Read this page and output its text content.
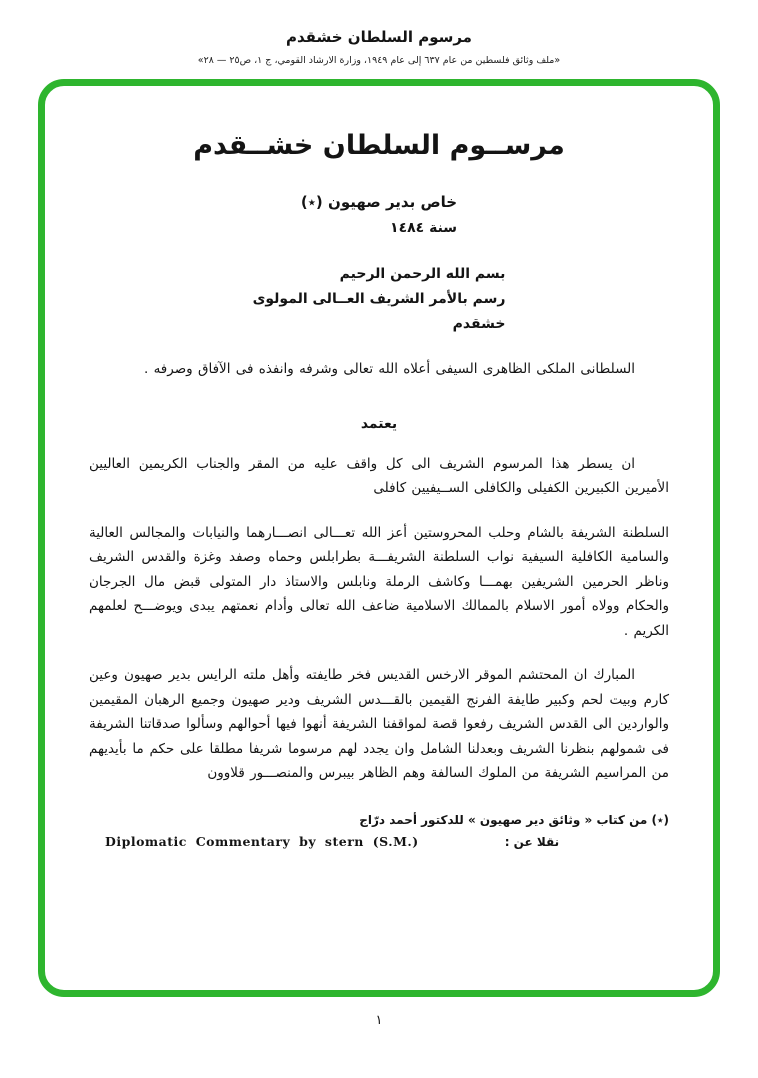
مرسوم السلطان خشقدم
«ملف وثائق فلسطين من عام ٦٣٧ إلى عام ١٩٤٩، وزارة الارشاد القومي، ج ١، ص٢٥ — ٢٨»
مرســوم السلطان خشــقدم
خاص بدير صهيون (٭)
سنة ١٤٨٤
بسم الله الرحمن الرحيم
رسم بالأمر الشريف العــالى المولوى
خشقدم

السلطانى الملكى الظاهرى السيفى أعلاه الله تعالى وشرفه وانفذه فى الآفاق وصرفه .

يعتمد

ان يسطر هذا المرسوم الشريف الى كل واقف عليه من المقر والجناب الكريمين العاليين الأميرين الكبيرين الكفيلى والكافلى الســيفيين كافلى

السلطنة الشريفة بالشام وحلب المحروستين أعز الله تعـــالى انصـــارهما والنيابات والمجالس العالية والسامية الكافلية السيفية نواب السلطنة الشريفـــة بطرابلس وحماه وصفد وغزة والقدس الشريف وناظر الحرمين الشريفين بهمـــا وكاشف الرملة ونابلس والاستاذ دار المتولى قبض مال الجرجان والحكام وولاه أمور الاسلام بالممالك الاسلامية ضاعف الله تعالى وأدام نعمتهم يبدى ويوضـــح لعلمهم الكريم .

المبارك ان المحتشم الموقر الارخس القديس فخر طايفته وأهل ملته الرايس بدير صهيون وعين كارم وبيت لحم وكبير طايفة الفرنج القيمين بالقـــدس الشريف ودير صهيون وجميع الرهبان المقيمين والواردين الى القدس الشريف رفعوا قصة لمواقفنا الشريفة أنهوا فيها أحوالهم وسألوا صدقاتنا الشريفة فى شمولهم بنظرنا الشريف وبعدلنا الشامل وان يجدد لهم مرسوما شريفا مطلقا على حكم ما بأيديهم من المراسيم الشريفة من الملوك السالفة وهم الظاهر بيبرس والمنصـــور قلاوون

(٭) من كتاب « وثائق دير صهيون » للدكتور أحمد درّاج
Diplomatic Commentary by stern (S.M.)	نقلا عن :
١
